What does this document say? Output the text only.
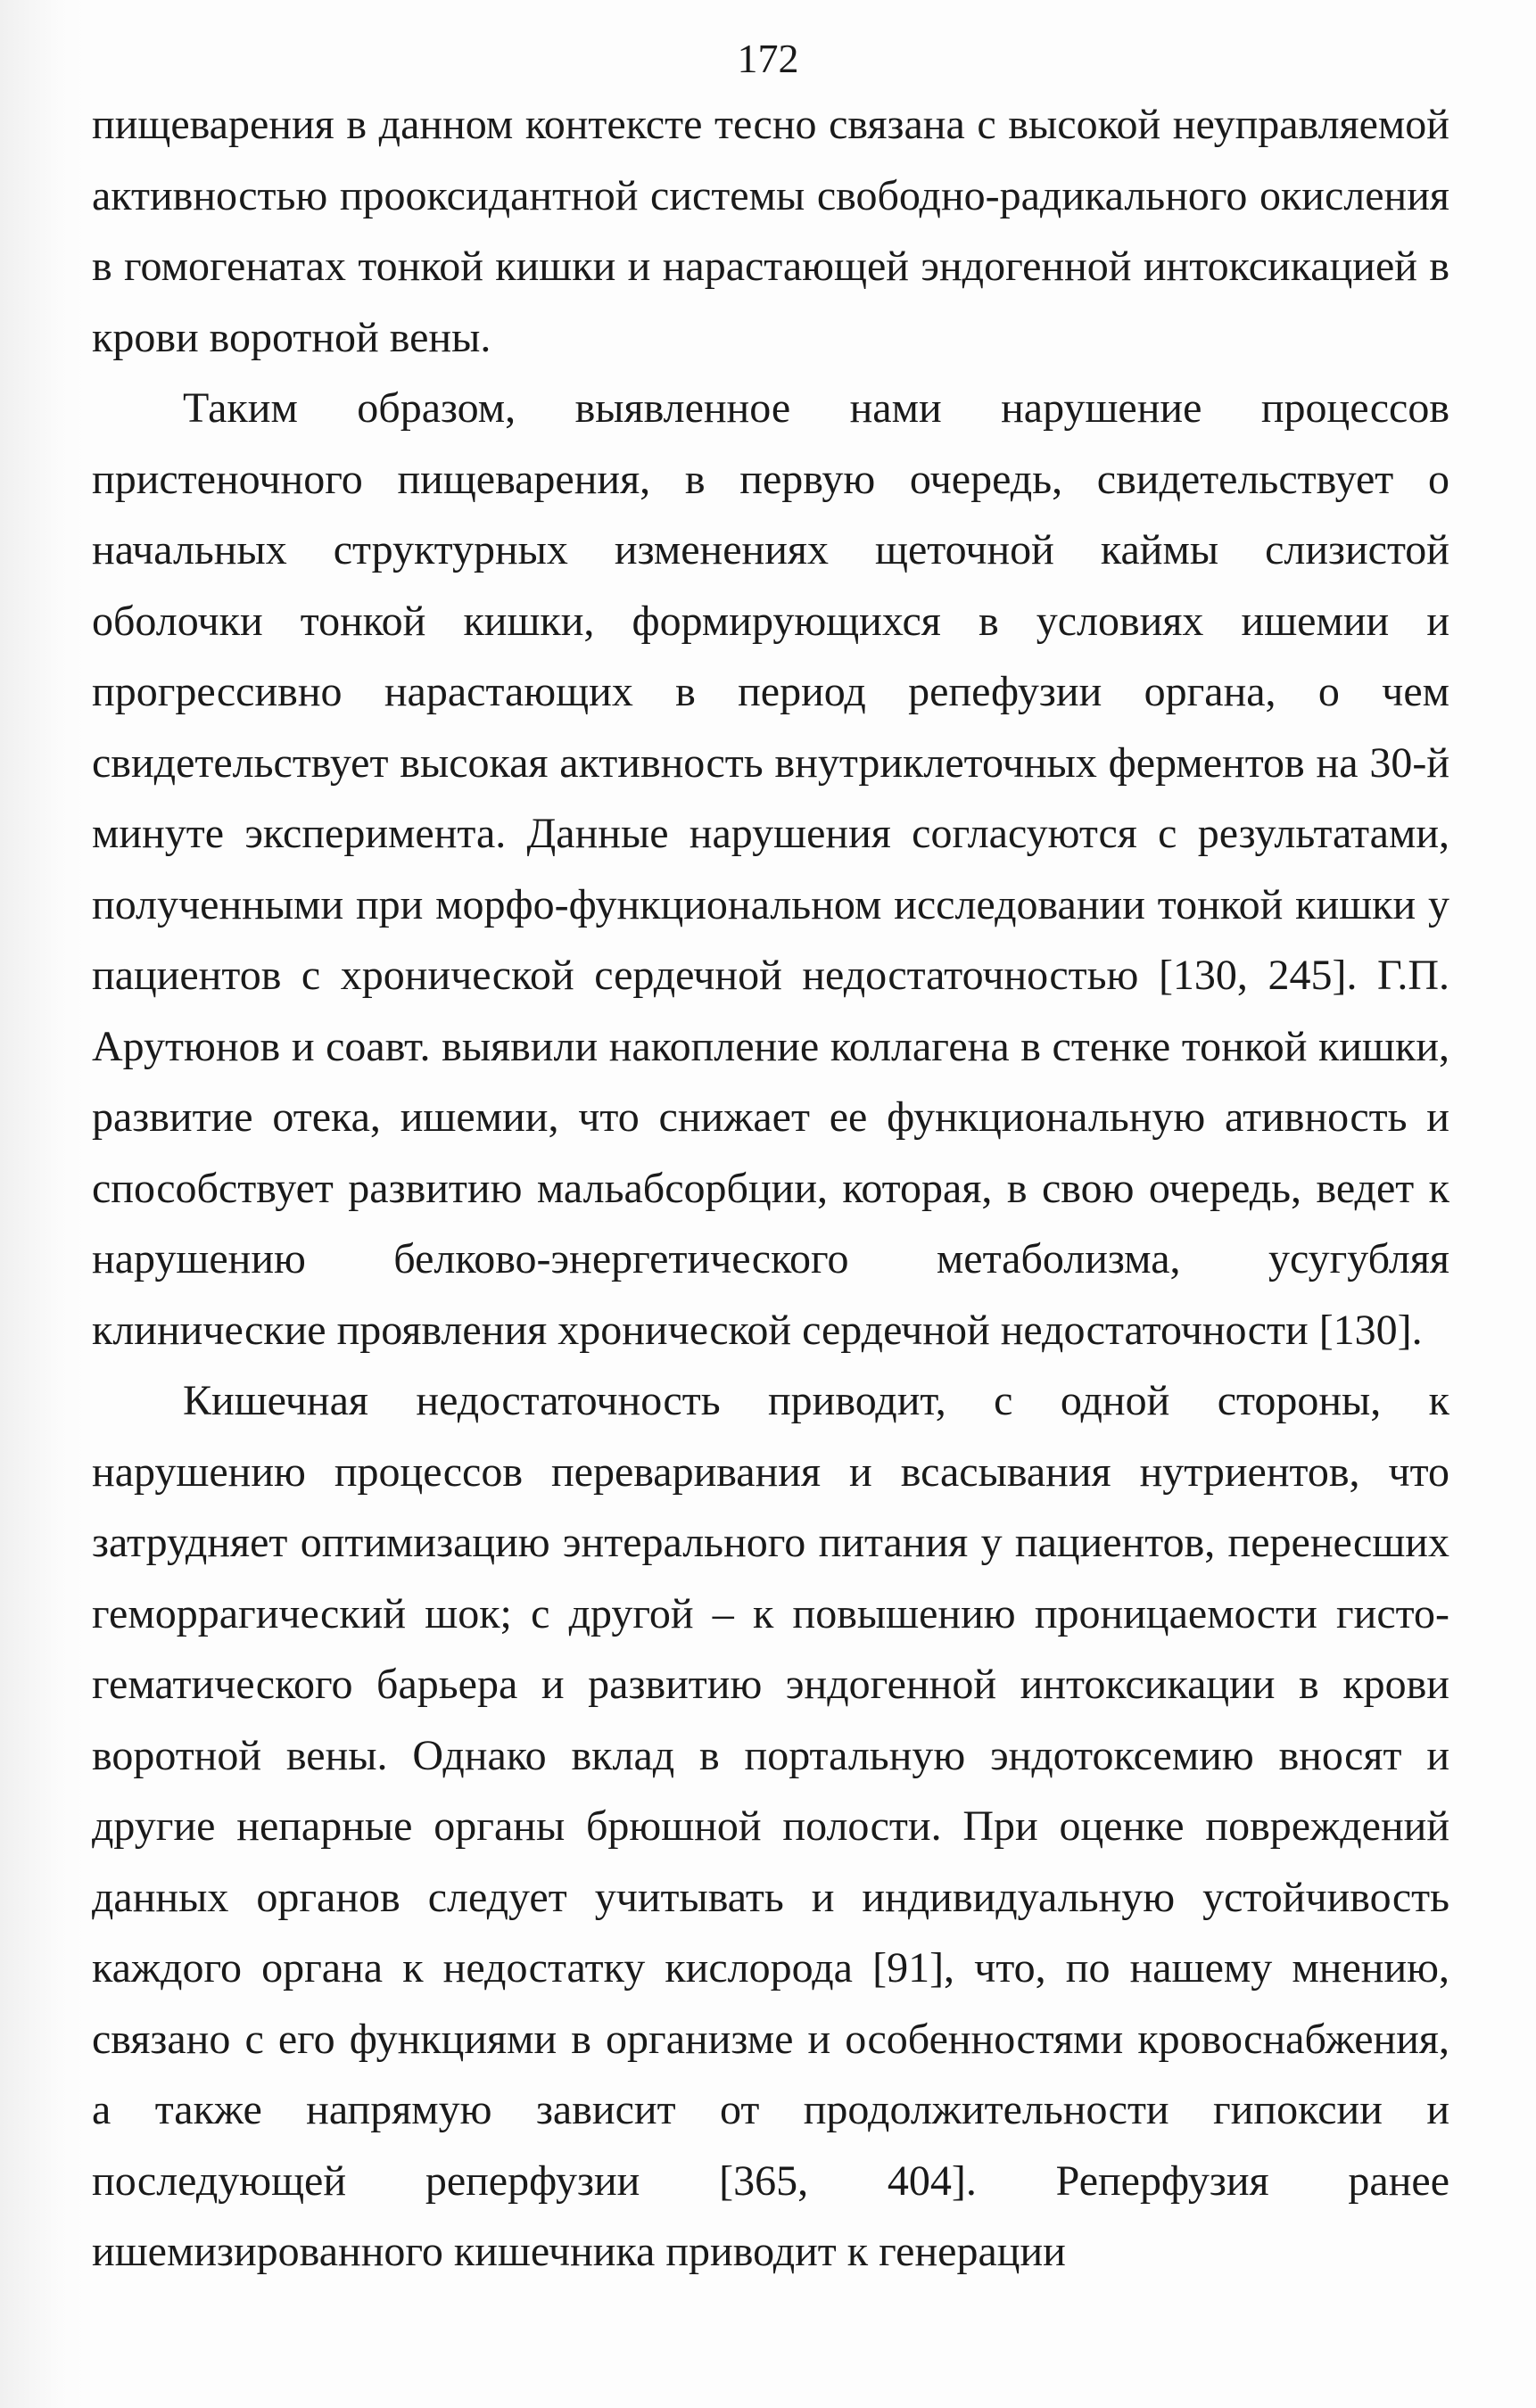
172

пищеварения в данном контексте тесно связана с высокой неуправляемой активностью прооксидантной системы свободно-радикального окисления в гомогенатах тонкой кишки и нарастающей эндогенной интоксикацией в крови воротной вены.

Таким образом, выявленное нами нарушение процессов пристеночного пищеварения, в первую очередь, свидетельствует о начальных структурных изменениях щеточной каймы слизистой оболочки тонкой кишки, формирующихся в условиях ишемии и прогрессивно нарастающих в период репефузии органа, о чем свидетельствует высокая активность внутриклеточных ферментов на 30-й минуте эксперимента. Данные нарушения согласуются с результатами, полученными при морфо-функциональном исследовании тонкой кишки у пациентов с хронической сердечной недостаточностью [130, 245]. Г.П. Арутюнов и соавт. выявили накопление коллагена в стенке тонкой кишки, развитие отека, ишемии, что снижает ее функциональную ативность и способствует развитию мальабсорбции, которая, в свою очередь, ведет к нарушению белково-энергетического метаболизма, усугубляя клинические проявления хронической сердечной недостаточности [130].

Кишечная недостаточность приводит, с одной стороны, к нарушению процессов переваривания и всасывания нутриентов, что затрудняет оптимизацию энтерального питания у пациентов, перенесших геморрагический шок; с другой – к повышению проницаемости гисто-гематического барьера и развитию эндогенной интоксикации в крови воротной вены. Однако вклад в портальную эндотоксемию вносят и другие непарные органы брюшной полости. При оценке повреждений данных органов следует учитывать и индивидуальную устойчивость каждого органа к недостатку кислорода [91], что, по нашему мнению, связано с его функциями в организме и особенностями кровоснабжения, а также напрямую зависит от продолжительности гипоксии и последующей реперфузии [365, 404]. Реперфузия ранее ишемизированного кишечника приводит к генерации
